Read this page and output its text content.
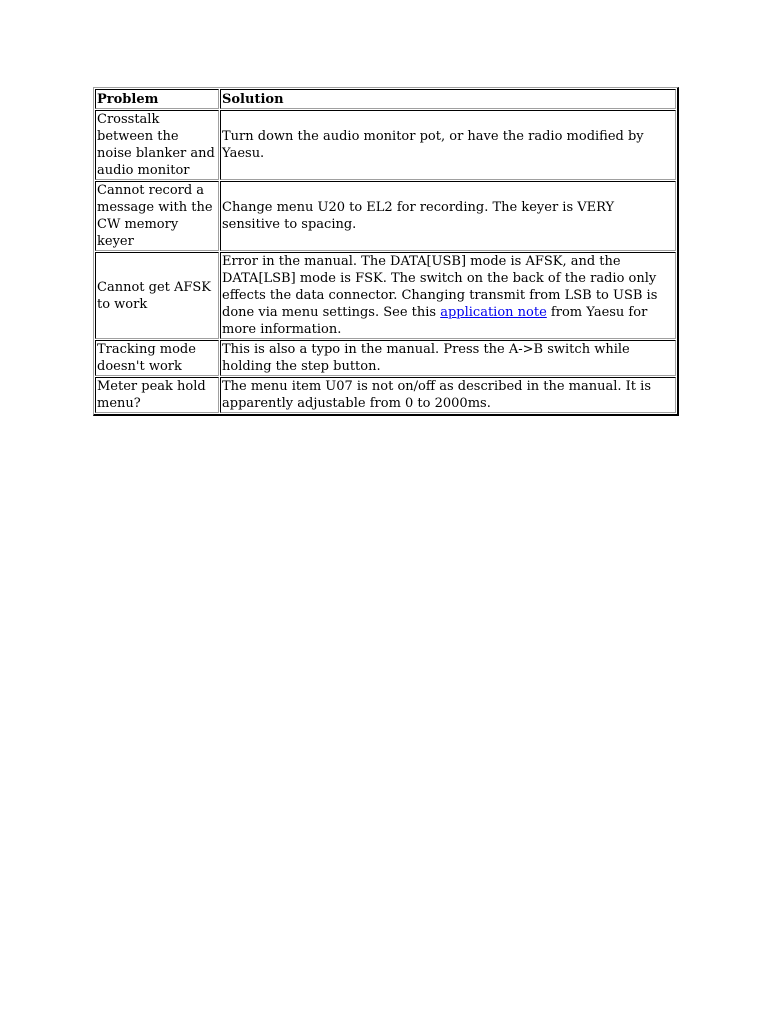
Problem	Solution
Crosstalk between the noise blanker and audio monitor	Turn down the audio monitor pot, or have the radio modified by Yaesu.
Cannot record a message with the CW memory keyer	Change menu U20 to EL2 for recording. The keyer is VERY sensitive to spacing.
Cannot get AFSK to work	Error in the manual. The DATA[USB] mode is AFSK, and the DATA[LSB] mode is FSK. The switch on the back of the radio only effects the data connector. Changing transmit from LSB to USB is done via menu settings. See this application note from Yaesu for more information.
Tracking mode doesn't work	This is also a typo in the manual. Press the A->B switch while holding the step button.
Meter peak hold menu?	The menu item U07 is not on/off as described in the manual. It is apparently adjustable from 0 to 2000ms.
